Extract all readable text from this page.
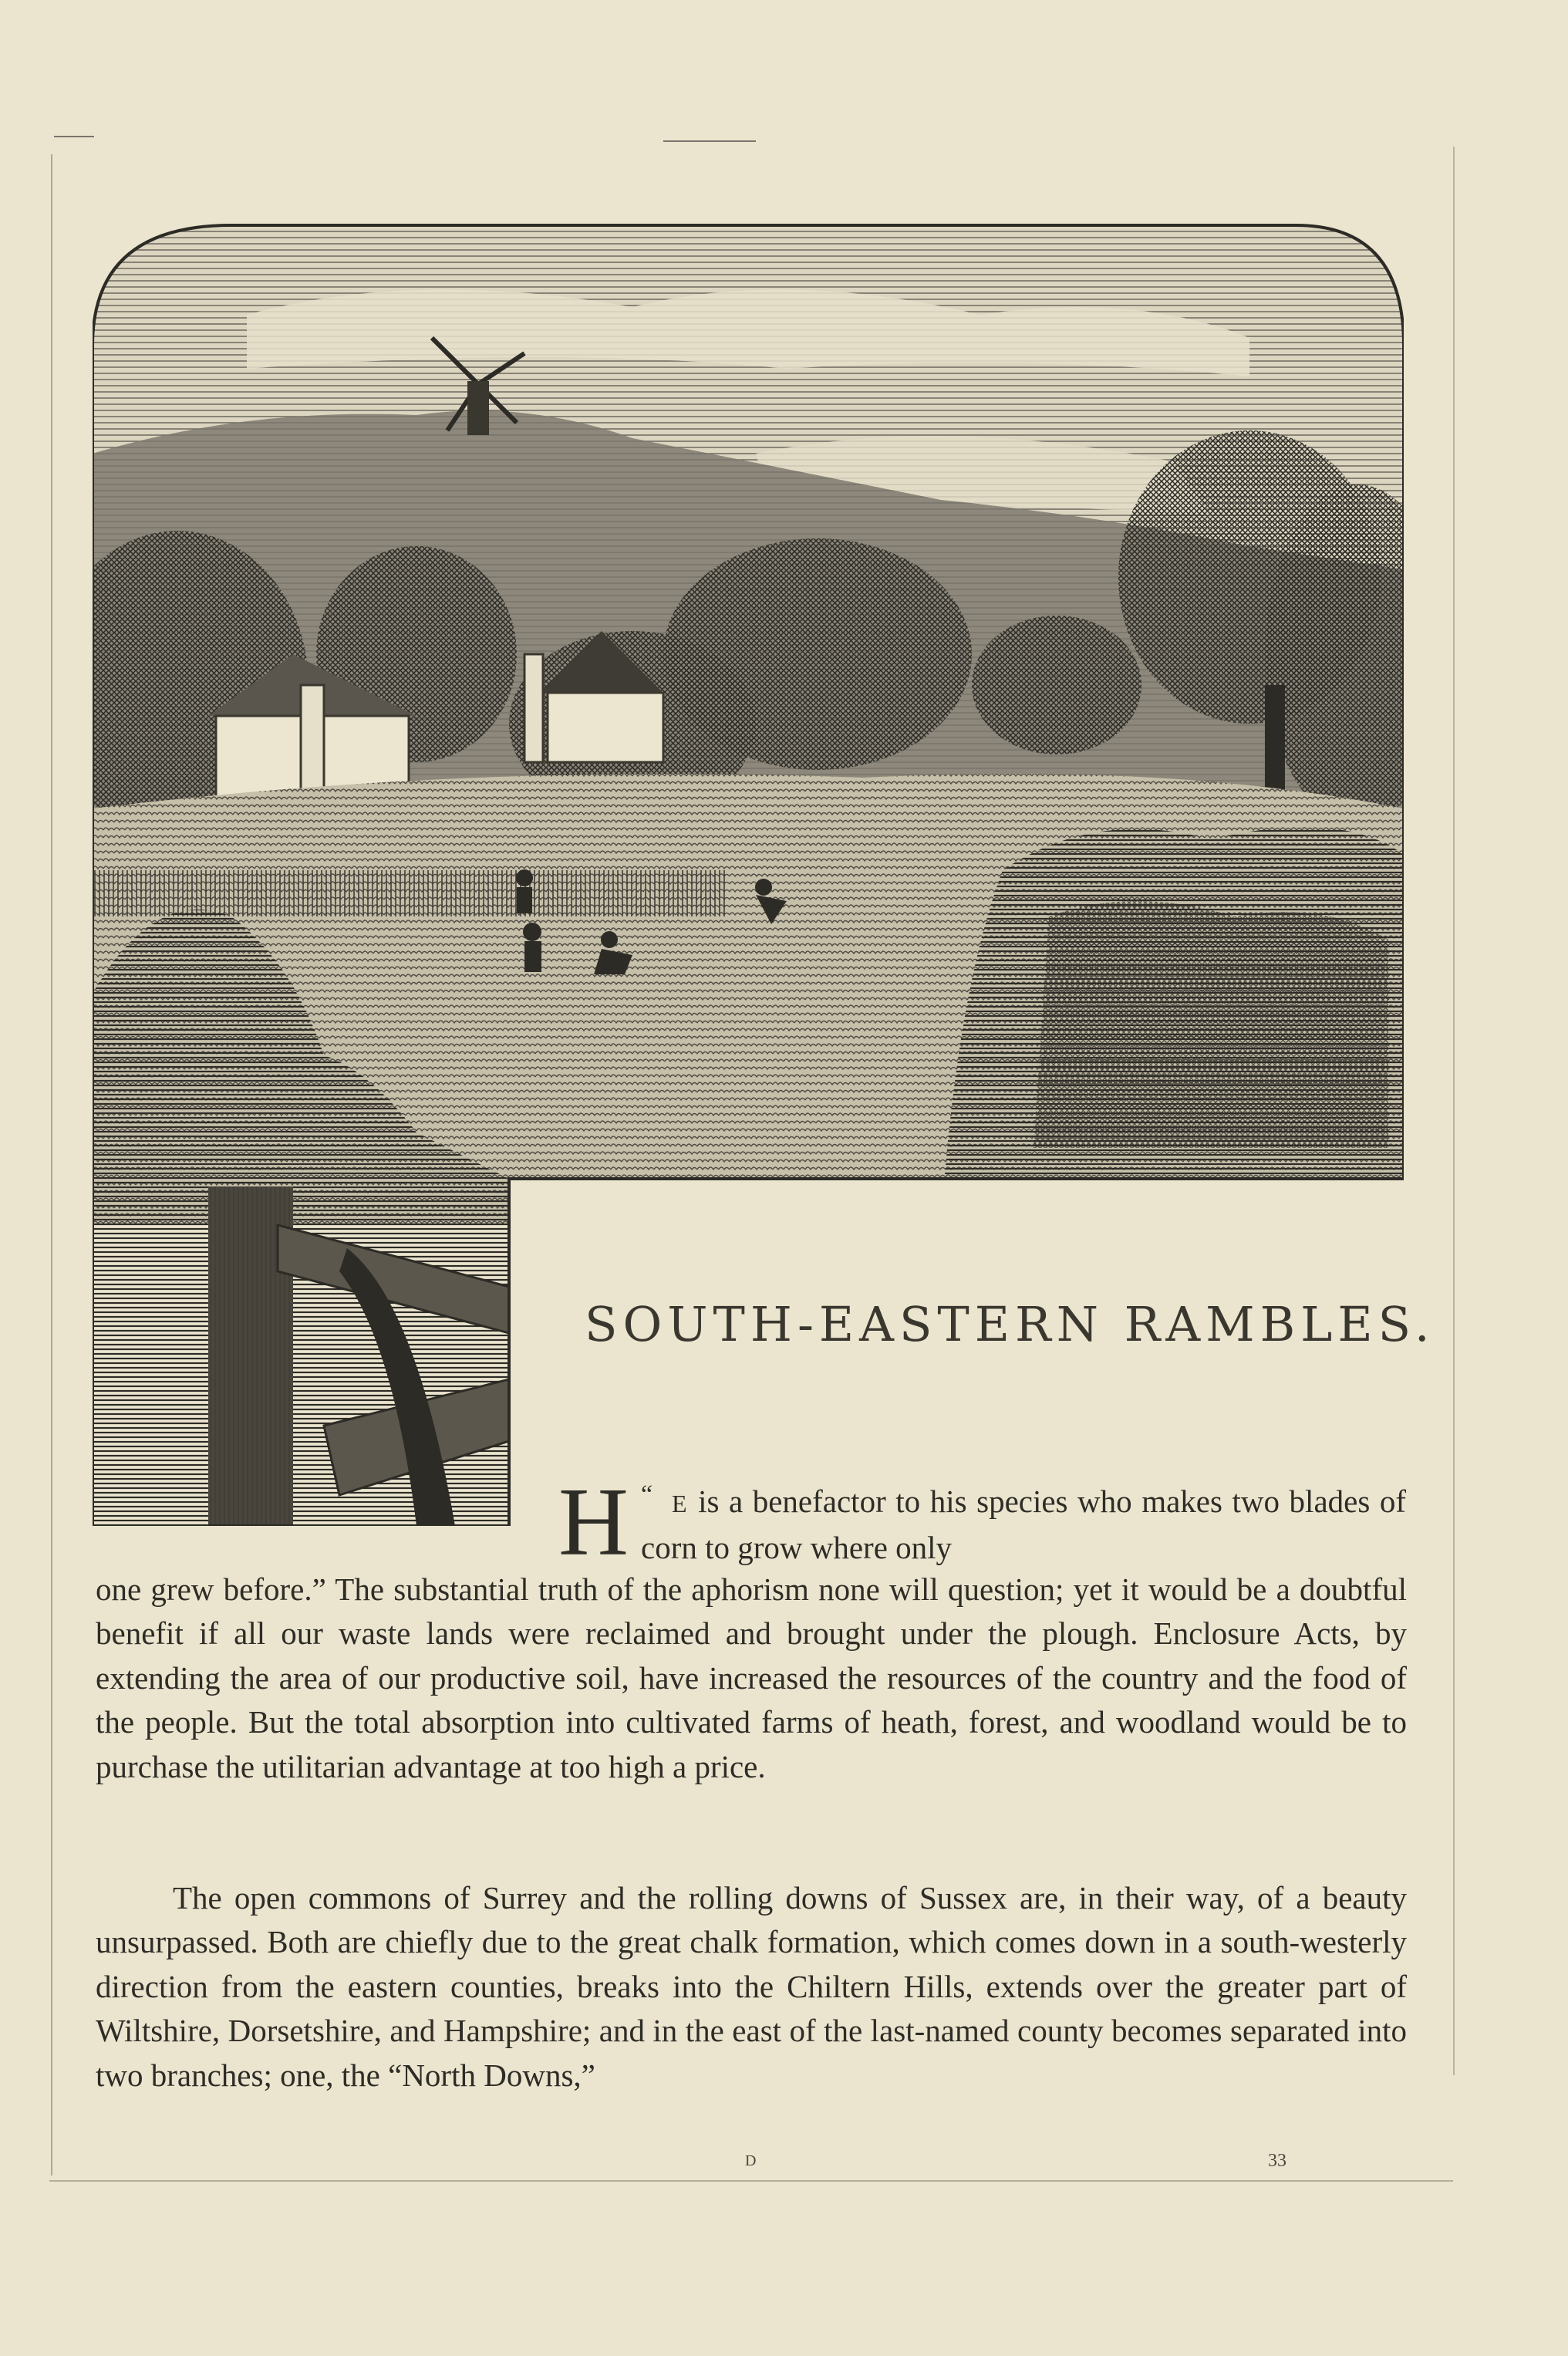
SOUTH-EASTERN RAMBLES.

“
H E is a benefactor to his species who makes two blades of corn to grow where only

one grew before.” The substantial truth of the aphorism none will question; yet it would be a doubtful benefit if all our waste lands were reclaimed and brought under the plough. Enclosure Acts, by extending the area of our productive soil, have increased the resources of the country and the food of the people. But the total absorption into cultivated farms of heath, forest, and woodland would be to purchase the utilitarian advantage at too high a price.

The open commons of Surrey and the rolling downs of Sussex are, in their way, of a beauty unsurpassed. Both are chiefly due to the great chalk formation, which comes down in a south-westerly direction from the eastern counties, breaks into the Chiltern Hills, extends over the greater part of Wiltshire, Dorsetshire, and Hampshire; and in the east of the last-named county becomes separated into two branches; one, the “North Downs,”

D	33
